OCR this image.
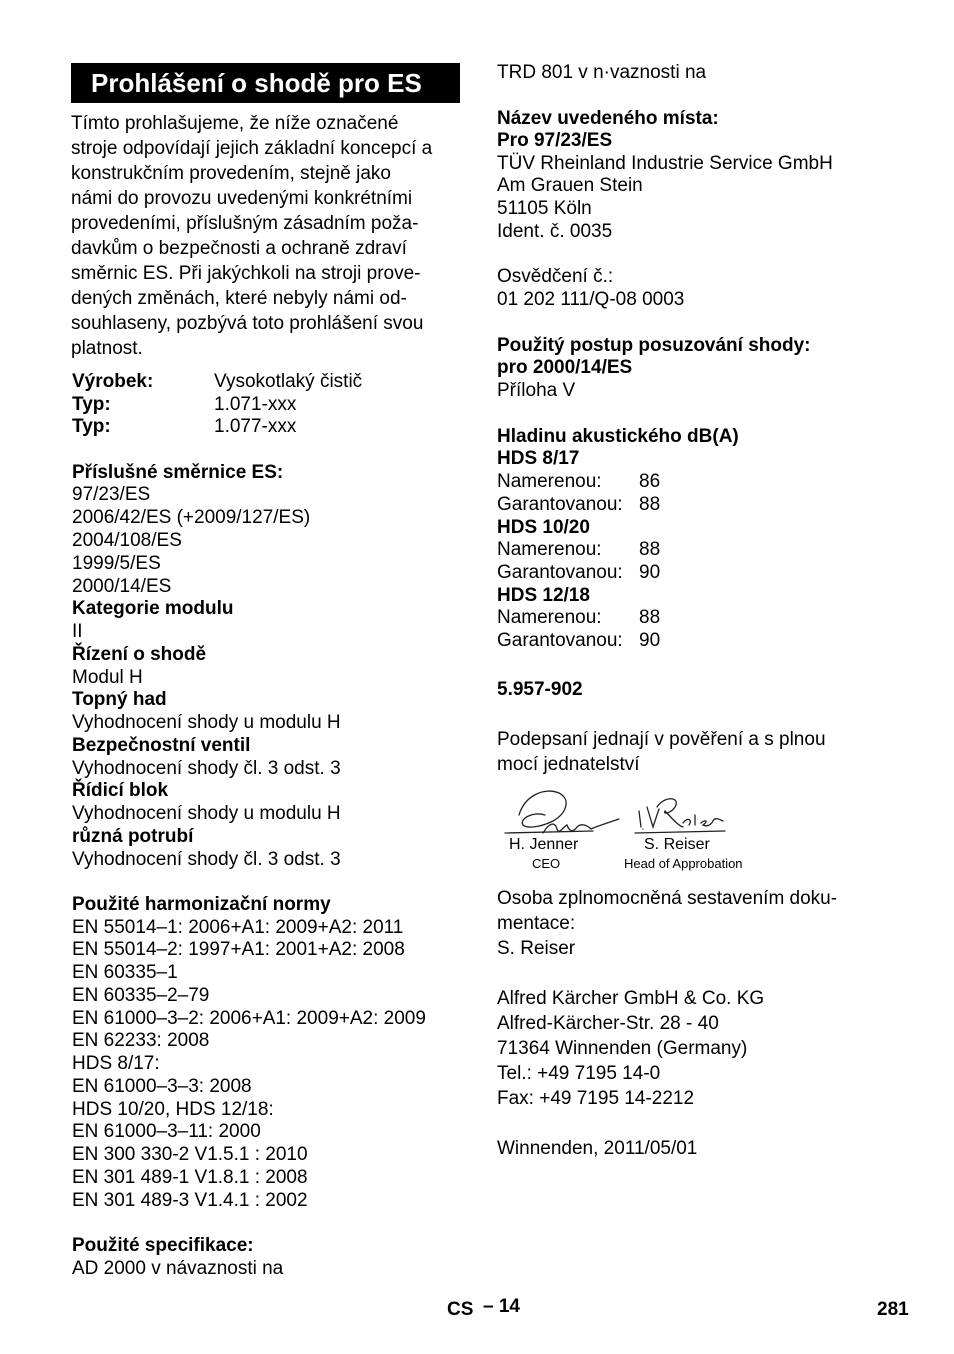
Prohlášení o shodě pro ES
Tímto prohlašujeme, že níže označené
stroje odpovídají jejich základní koncepcí a
konstrukčním provedením, stejně jako
námi do provozu uvedenými konkrétními
provedeními, příslušným zásadním poža-
davkům o bezpečnosti a ochraně zdraví
směrnic ES. Při jakýchkoli na stroji prove-
dených změnách, které nebyly námi od-
souhlaseny, pozbývá toto prohlášení svou
platnost.
Výrobek:	Vysokotlaký čistič
Typ:	1.071-xxx
Typ:	1.077-xxx
Příslušné směrnice ES:
97/23/ES
2006/42/ES (+2009/127/ES)
2004/108/ES
1999/5/ES
2000/14/ES
Kategorie modulu
II
Řízení o shodě
Modul H
Topný had
Vyhodnocení shody u modulu H
Bezpečnostní ventil
Vyhodnocení shody čl. 3 odst. 3
Řídicí blok
Vyhodnocení shody u modulu H
různá potrubí
Vyhodnocení shody čl. 3 odst. 3
Použité harmonizační normy
EN 55014–1: 2006+A1: 2009+A2: 2011
EN 55014–2: 1997+A1: 2001+A2: 2008
EN 60335–1
EN 60335–2–79
EN 61000–3–2: 2006+A1: 2009+A2: 2009
EN 62233: 2008
HDS 8/17:
EN 61000–3–3: 2008
HDS 10/20, HDS 12/18:
EN 61000–3–11: 2000
EN 300 330-2 V1.5.1 : 2010
EN 301 489-1 V1.8.1 : 2008
EN 301 489-3 V1.4.1 : 2002
Použité specifikace:
AD 2000 v návaznosti na
TRD 801 v n·vaznosti na
Název uvedeného místa:
Pro 97/23/ES
TÜV Rheinland Industrie Service GmbH
Am Grauen Stein
51105 Köln
Ident. č. 0035
Osvědčení č.:
01 202 111/Q-08 0003
Použitý postup posuzování shody:
pro 2000/14/ES
Příloha V
Hladinu akustického dB(A)
HDS 8/17
Namerenou: 86
Garantovanou: 88
HDS 10/20
Namerenou: 88
Garantovanou: 90
HDS 12/18
Namerenou: 88
Garantovanou: 90
5.957-902
Podepsaní jednají v pověření a s plnou
mocí jednatelství
H. Jenner
CEO
S. Reiser
Head of Approbation
Osoba zplnomocněná sestavením doku-
mentace:
S. Reiser
Alfred Kärcher GmbH & Co. KG
Alfred-Kärcher-Str. 28 - 40
71364 Winnenden (Germany)
Tel.: +49 7195 14-0
Fax: +49 7195 14-2212
Winnenden, 2011/05/01
CS – 14	281
